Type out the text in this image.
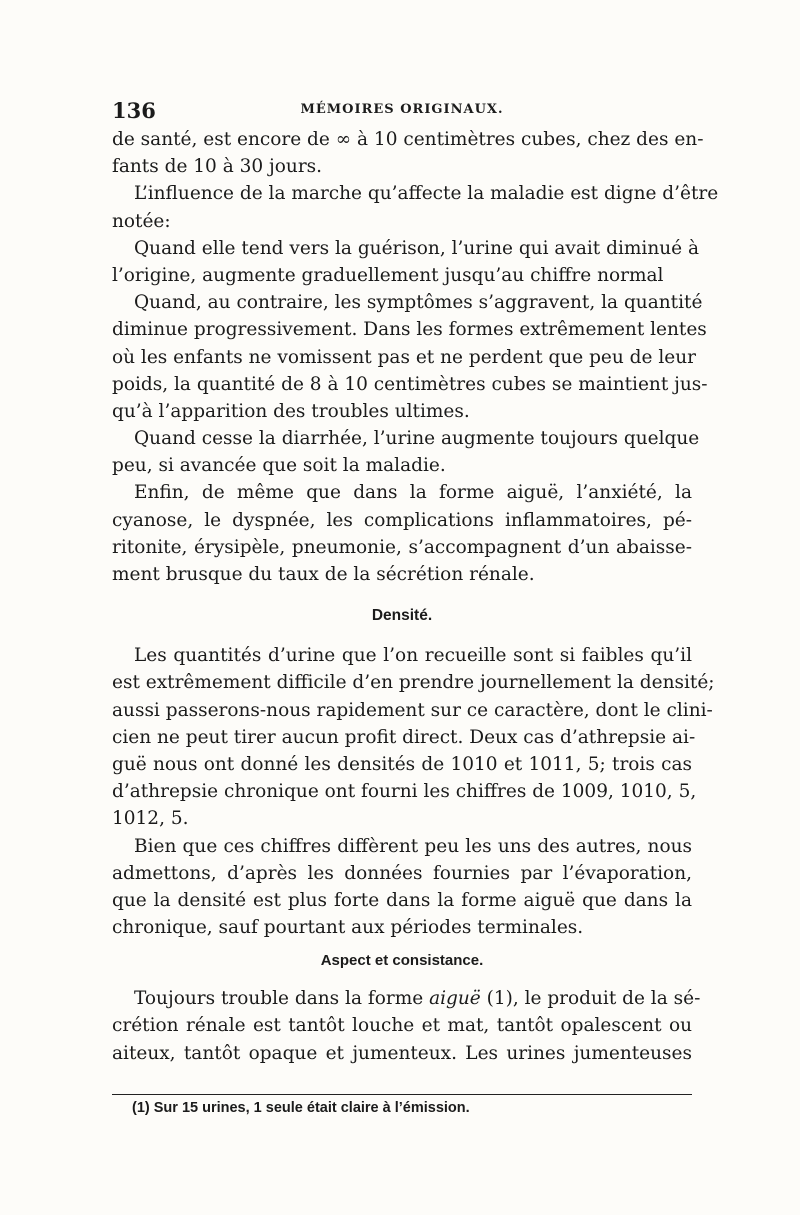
136	MÉMOIRES ORIGINAUX.
de santé, est encore de ∞ à 10 centimètres cubes, chez des en-
fants de 10 à 30 jours.
L’influence de la marche qu’affecte la maladie est digne d’être
notée:
Quand elle tend vers la guérison, l’urine qui avait diminué à
l’origine, augmente graduellement jusqu’au chiffre normal
Quand, au contraire, les symptômes s’aggravent, la quantité
diminue progressivement. Dans les formes extrêmement lentes
où les enfants ne vomissent pas et ne perdent que peu de leur
poids, la quantité de 8 à 10 centimètres cubes se maintient jus-
qu’à l’apparition des troubles ultimes.
Quand cesse la diarrhée, l’urine augmente toujours quelque
peu, si avancée que soit la maladie.
Enfin, de même que dans la forme aiguë, l’anxiété, la
cyanose, le dyspnée, les complications inflammatoires, pé-
ritonite, érysipèle, pneumonie, s’accompagnent d’un abaisse-
ment brusque du taux de la sécrétion rénale.
Densité.
Les quantités d’urine que l’on recueille sont si faibles qu’il
est extrêmement difficile d’en prendre journellement la densité;
aussi passerons-nous rapidement sur ce caractère, dont le clini-
cien ne peut tirer aucun profit direct. Deux cas d’athrepsie ai-
guë nous ont donné les densités de 1010 et 1011, 5; trois cas
d’athrepsie chronique ont fourni les chiffres de 1009, 1010, 5,
1012, 5.
Bien que ces chiffres diffèrent peu les uns des autres, nous
admettons, d’après les données fournies par l’évaporation,
que la densité est plus forte dans la forme aiguë que dans la
chronique, sauf pourtant aux périodes terminales.
Aspect et consistance.
Toujours trouble dans la forme aiguë (1), le produit de la sé-
crétion rénale est tantôt louche et mat, tantôt opalescent ou
aiteux, tantôt opaque et jumenteux. Les urines jumenteuses
(1) Sur 15 urines, 1 seule était claire à l’émission.
